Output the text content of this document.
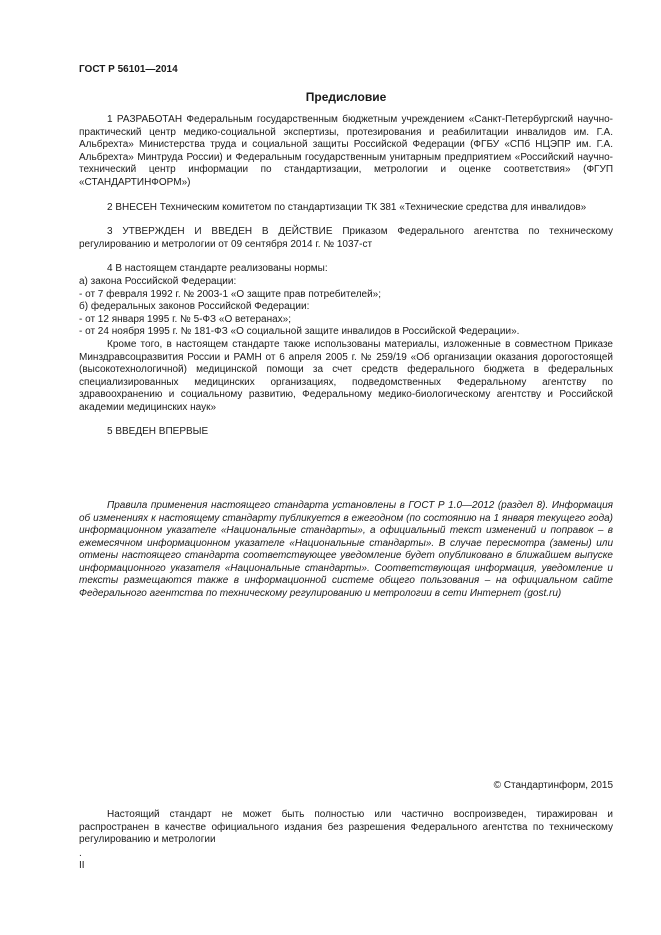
ГОСТ Р 56101—2014
Предисловие

1 РАЗРАБОТАН Федеральным государственным бюджетным учреждением «Санкт-Петербургский научно-практический центр медико-социальной экспертизы, протезирования и реабилитации инвалидов им. Г.А. Альбрехта» Министерства труда и социальной защиты Российской Федерации (ФГБУ «СПб НЦЭПР им. Г.А. Альбрехта» Минтруда России) и Федеральным государственным унитарным предприятием «Российский научно-технический центр информации по стандартизации, метрологии и оценке соответствия» (ФГУП «СТАНДАРТИНФОРМ»)

2 ВНЕСЕН Техническим комитетом по стандартизации ТК 381 «Технические средства для инвалидов»

3 УТВЕРЖДЕН И ВВЕДЕН В ДЕЙСТВИЕ Приказом Федерального агентства по техническому регулированию и метрологии от 09 сентября 2014 г. № 1037-ст

4 В настоящем стандарте реализованы нормы:

а) закона Российской Федерации:

- от 7 февраля 1992 г. № 2003-1 «О защите прав потребителей»;

б) федеральных законов Российской Федерации:

- от 12 января 1995 г. № 5-ФЗ «О ветеранах»;

- от 24 ноября 1995 г. № 181-ФЗ «О социальной защите инвалидов в Российской Федерации».

Кроме того, в настоящем стандарте также использованы материалы, изложенные в совместном Приказе Минздравсоцразвития России и РАМН от 6 апреля 2005 г. № 259/19 «Об организации оказания дорогостоящей (высокотехнологичной) медицинской помощи за счет средств федерального бюджета в федеральных специализированных медицинских организациях, подведомственных Федеральному агентству по здравоохранению и социальному развитию, Федеральному медико-биологическому агентству и Российской академии медицинских наук»

5 ВВЕДЕН ВПЕРВЫЕ

Правила применения настоящего стандарта установлены в ГОСТ Р 1.0—2012 (раздел 8). Информация об изменениях к настоящему стандарту публикуется в ежегодном (по состоянию на 1 января текущего года) информационном указателе «Национальные стандарты», а официальный текст изменений и поправок – в ежемесячном информационном указателе «Национальные стандарты». В случае пересмотра (замены) или отмены настоящего стандарта соответствующее уведомление будет опубликовано в ближайшем выпуске информационного указателя «Национальные стандарты». Соответствующая информация, уведомление и тексты размещаются также в информационной системе общего пользования – на официальном сайте Федерального агентства по техническому регулированию и метрологии в сети Интернет (gost.ru)

© Стандартинформ, 2015

Настоящий стандарт не может быть полностью или частично воспроизведен, тиражирован и распространен в качестве официального издания без разрешения Федерального агентства по техническому регулированию и метрологии

.
II
